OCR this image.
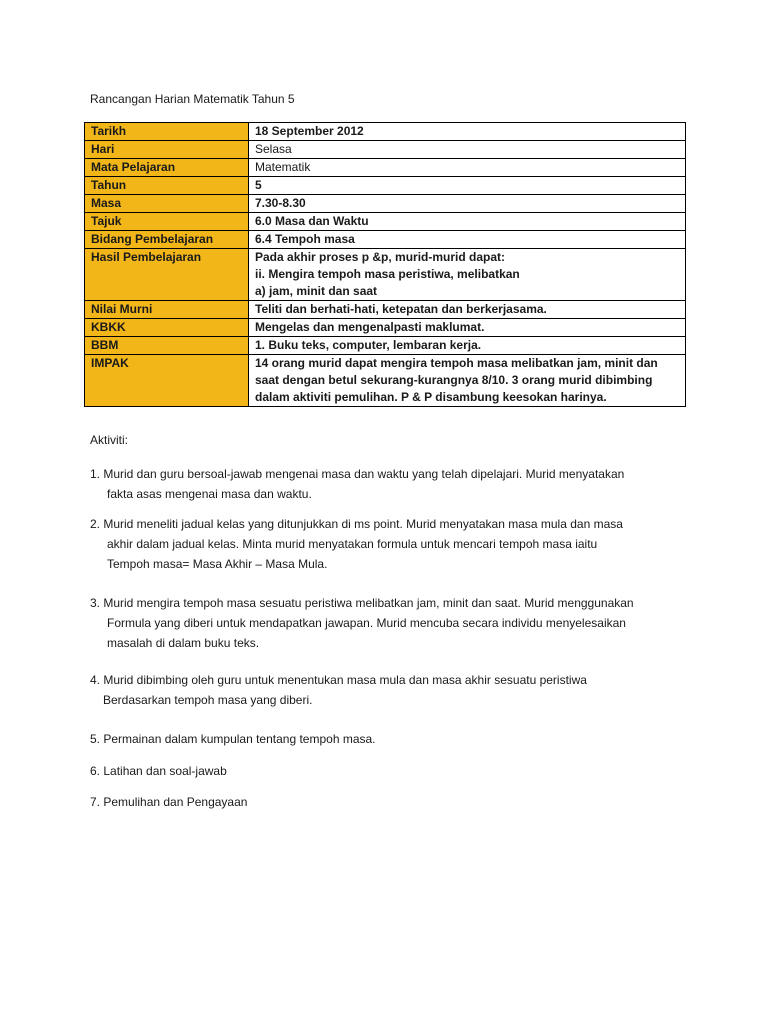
Rancangan Harian Matematik Tahun 5
Tarikh	18 September 2012
Hari	Selasa
Mata Pelajaran	Matematik
Tahun	5
Masa	7.30-8.30
Tajuk	6.0 Masa dan Waktu
Bidang Pembelajaran	6.4 Tempoh masa
Hasil Pembelajaran	Pada akhir proses p &p, murid-murid dapat:
ii. Mengira tempoh masa peristiwa, melibatkan
a) jam, minit dan saat

Nilai Murni	Teliti dan berhati-hati, ketepatan dan berkerjasama.
KBKK	Mengelas dan mengenalpasti maklumat.
BBM	1. Buku teks, computer, lembaran kerja.
IMPAK	14 orang murid dapat mengira tempoh masa melibatkan jam, minit dan
saat dengan betul sekurang-kurangnya 8/10. 3 orang murid dibimbing
dalam aktiviti pemulihan. P & P disambung keesokan harinya.
Aktiviti:
1. Murid dan guru bersoal-jawab mengenai masa dan waktu yang telah dipelajari. Murid menyatakan
fakta asas mengenai masa dan waktu.
2. Murid meneliti jadual kelas yang ditunjukkan di ms point. Murid menyatakan masa mula dan masa
akhir dalam jadual kelas. Minta murid menyatakan formula untuk mencari tempoh masa iaitu
Tempoh masa= Masa Akhir – Masa Mula.
3. Murid mengira tempoh masa sesuatu peristiwa melibatkan jam, minit dan saat. Murid menggunakan
Formula yang diberi untuk mendapatkan jawapan. Murid mencuba secara individu menyelesaikan
masalah di dalam buku teks.
4. Murid dibimbing oleh guru untuk menentukan masa mula dan masa akhir sesuatu peristiwa
Berdasarkan tempoh masa yang diberi.
5. Permainan dalam kumpulan tentang tempoh masa.
6. Latihan dan soal-jawab
7. Pemulihan dan Pengayaan
